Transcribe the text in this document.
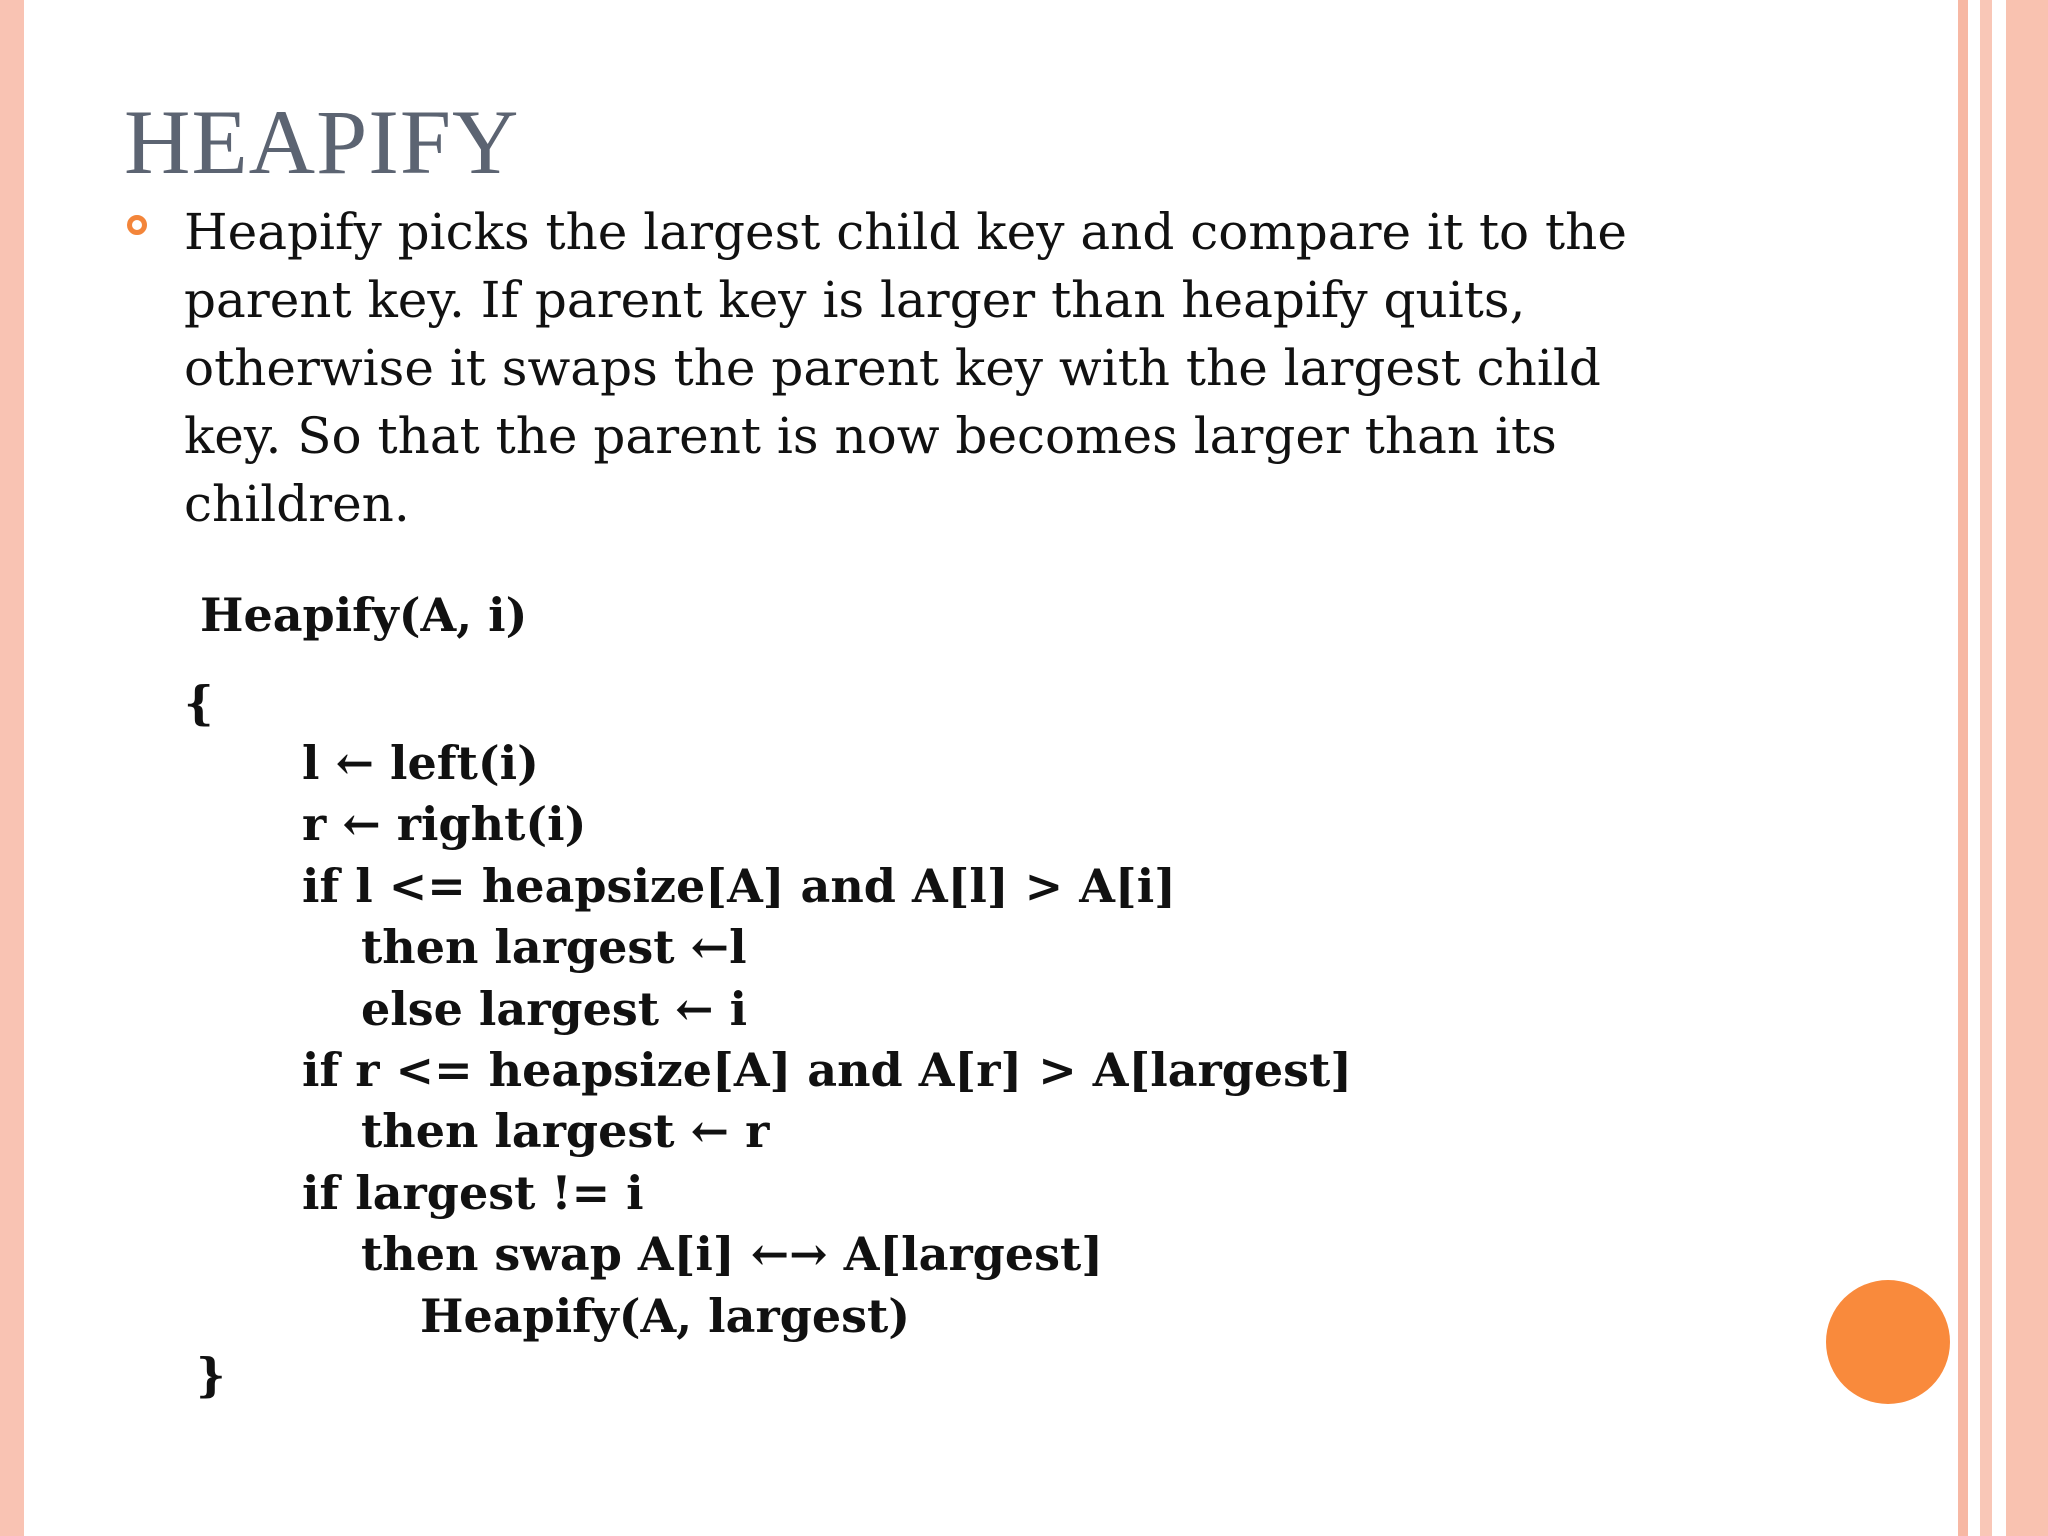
HEAPIFY

Heapify picks the largest child key and compare it to the
parent key. If parent key is larger than heapify quits,
otherwise it swaps the parent key with the largest child
key. So that the parent is now becomes larger than its
children.

Heapify(A, i)
{
l ← left(i)
r ← right(i)
if l <= heapsize[A] and A[l] > A[i]
then largest ←l
else largest ← i
if r <= heapsize[A] and A[r] > A[largest]
then largest ← r
if largest != i
then swap A[i] ←→ A[largest]
Heapify(A, largest)
}
